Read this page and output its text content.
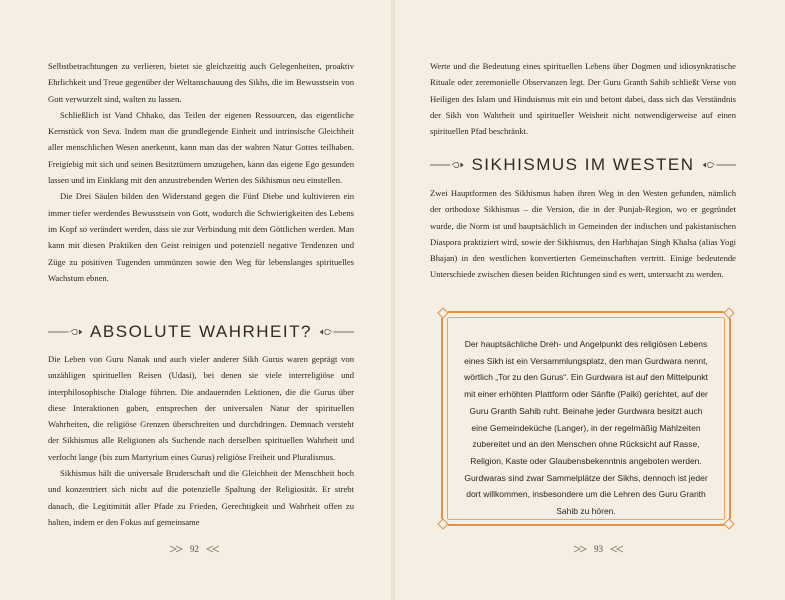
Selbstbetrachtungen zu verlieren, bietet sie gleichzeitig auch Gelegenheiten, proaktiv Ehrlichkeit und Treue gegenüber der Weltanschauung des Sikhs, die im Bewusstsein von Gott verwurzelt sind, walten zu lassen.

Schließlich ist Vand Chhako, das Teilen der eigenen Ressourcen, das eigentliche Kernstück von Seva. Indem man die grundlegende Einheit und intrinsische Gleichheit aller menschlichen Wesen anerkennt, kann man das der wahren Natur Gottes teilhaben. Freigiebig mit sich und seinen Besitztümern umzugehen, kann das eigene Ego gesunden lassen und im Einklang mit den anzustrebenden Werten des Sikhismus neu einstellen.

Die Drei Säulen bilden den Widerstand gegen die Fünf Diebe und kultivieren ein immer tiefer werdendes Bewusstsein von Gott, wodurch die Schwierigkeiten des Lebens im Kopf so verändert werden, dass sie zur Verbindung mit dem Göttlichen werden. Man kann mit diesen Praktiken den Geist reinigen und potenziell negative Tendenzen und Züge zu positiven Tugenden ummünzen sowie den Weg für lebenslanges spirituelles Wachstum ebnen.

ABSOLUTE WAHRHEIT?

Die Leben von Guru Nanak und auch vieler anderer Sikh Gurus waren geprägt von unzähligen spirituellen Reisen (Udasi), bei denen sie viele interreligiöse und interphilosophische Dialoge führten. Die andauernden Lektionen, die die Gurus über diese Interaktionen gaben, entsprechen der universalen Natur der spirituellen Wahrheiten, die religiöse Grenzen überschreiten und durchdringen. Demnach versteht der Sikhismus alle Religionen als Suchende nach derselben spirituellen Wahrheit und verfocht lange (bis zum Martyrium eines Gurus) religiöse Freiheit und Pluralismus.

Sikhismus hält die universale Bruderschaft und die Gleichheit der Menschheit hoch und konzentriert sich nicht auf die potenzielle Spaltung der Religiosität. Er strebt danach, die Legitimität aller Pfade zu Frieden, Gerechtigkeit und Wahrheit offen zu halten, indem er den Fokus auf gemeinsame

92

Werte und die Bedeutung eines spirituellen Lebens über Dogmen und idiosynkratische Rituale oder zeremonielle Observanzen legt. Der Guru Granth Sahib schließt Verse von Heiligen des Islam und Hinduismus mit ein und betont dabei, dass sich das Verständnis der Sikh von Wahrheit und spiritueller Weisheit nicht notwendigerweise auf einen spirituellen Pfad beschränkt.

SIKHISMUS IM WESTEN

Zwei Hauptformen des Sikhismus haben ihren Weg in den Westen gefunden, nämlich der orthodoxe Sikhismus – die Version, die in der Punjab-Region, wo er gegründet wurde, die Norm ist und hauptsächlich in Gemeinden der indischen und pakistanischen Diaspora praktiziert wird, sowie der Sikhismus, den Harbhajan Singh Khalsa (alias Yogi Bhajan) in den westlichen konvertierten Gemeinschaften vertritt. Einige bedeutende Unterschiede zwischen diesen beiden Richtungen sind es wert, untersucht zu werden.

93

Der hauptsächliche Dreh- und Angelpunkt des religiösen Lebens eines Sikh ist ein Versammlungsplatz, den man Gurdwara nennt, wörtlich „Tor zu den Gurus“. Ein Gurdwara ist auf den Mittelpunkt mit einer erhöhten Plattform oder Sänfte (Palki) gerichtet, auf der Guru Granth Sahib ruht. Beinahe jeder Gurdwara besitzt auch eine Gemeindeküche (Langer), in der regelmäßig Mahlzeiten zubereitet und an den Menschen ohne Rücksicht auf Rasse, Religion, Kaste oder Glaubensbekenntnis angeboten werden. Gurdwaras sind zwar Sammelplätze der Sikhs, dennoch ist jeder dort willkommen, insbesondere um die Lehren des Guru Granth Sahib zu hören.
